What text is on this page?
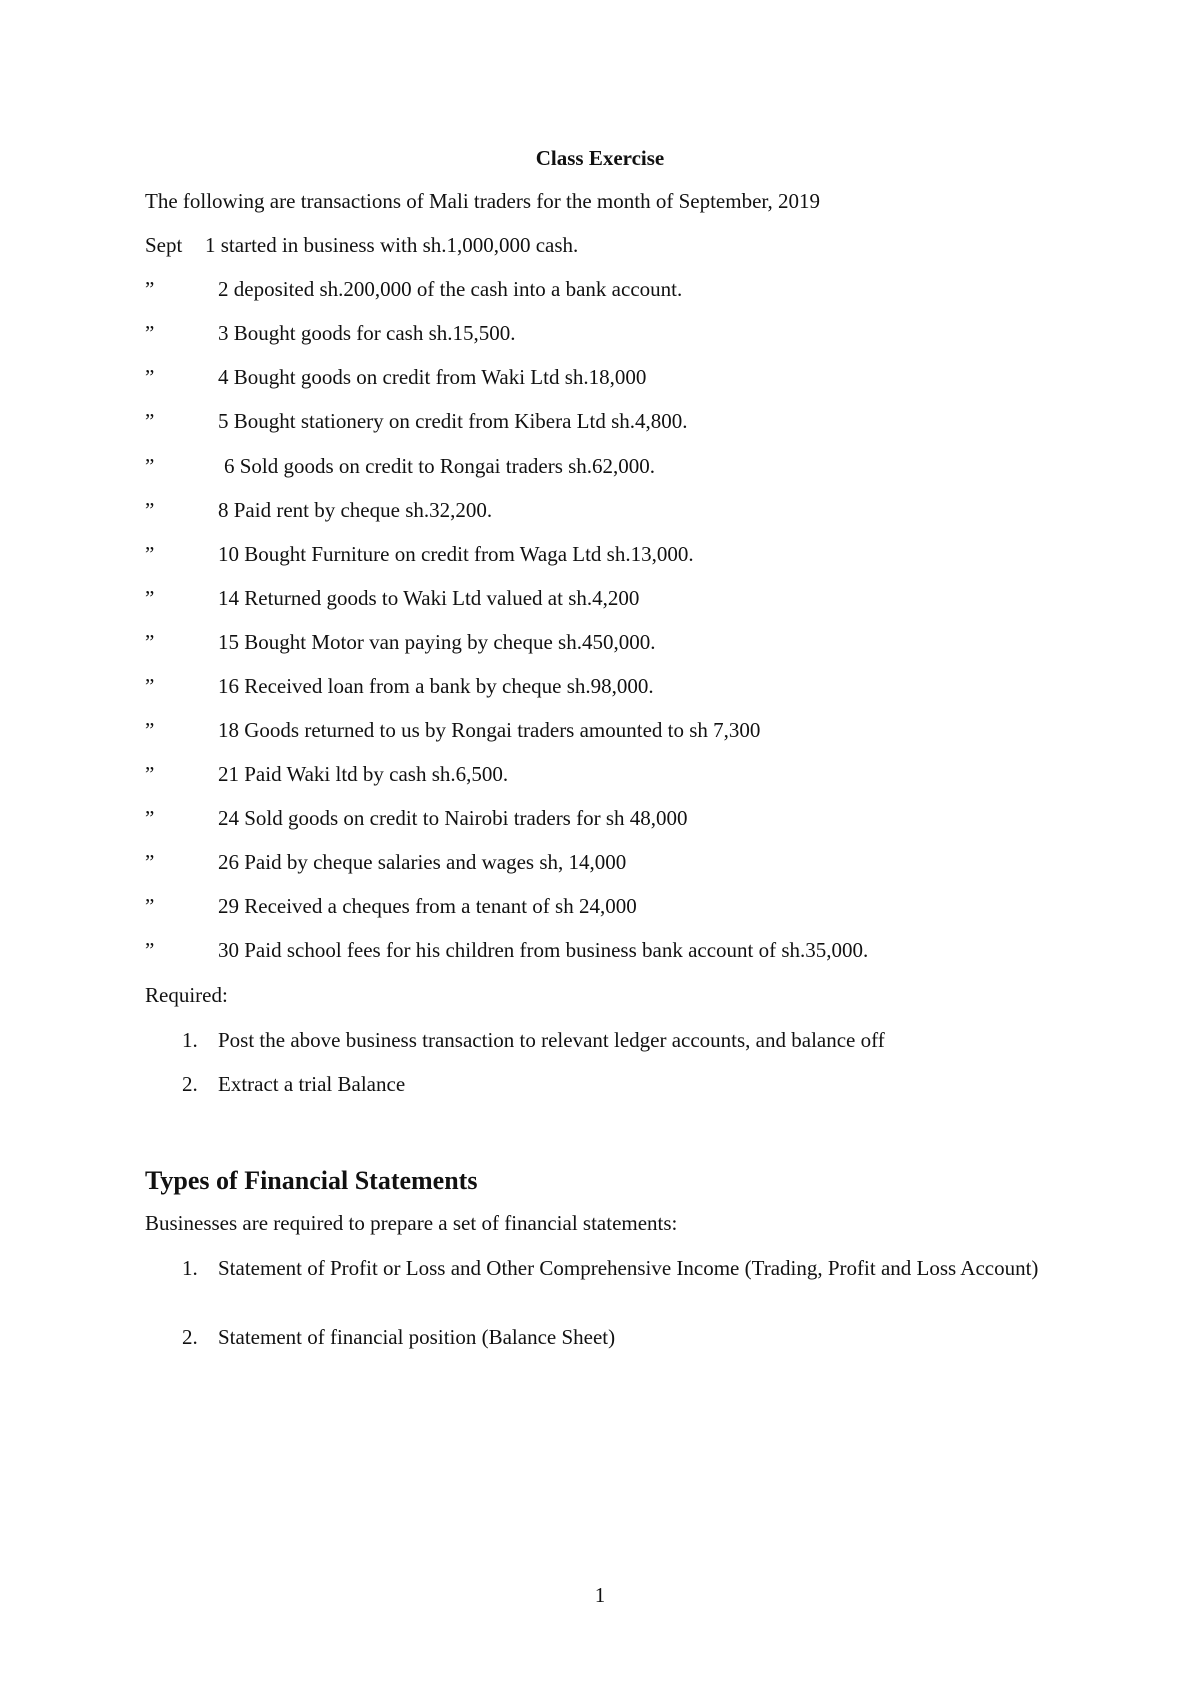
Class Exercise
The following are transactions of Mali traders for the month of September, 2019
Sept 1 started in business with sh.1,000,000 cash.
”	2 deposited sh.200,000 of the cash into a bank account.
”	3 Bought goods for cash sh.15,500.
”	4 Bought goods on credit from Waki Ltd sh.18,000
”	5 Bought stationery on credit from Kibera Ltd sh.4,800.
”	6 Sold goods on credit to Rongai traders sh.62,000.
”	8 Paid rent by cheque sh.32,200.
”	10 Bought Furniture on credit from Waga Ltd sh.13,000.
”	14 Returned goods to Waki Ltd valued at sh.4,200
”	15 Bought Motor van paying by cheque sh.450,000.
”	16 Received loan from a bank by cheque sh.98,000.
”	18 Goods returned to us by Rongai traders amounted to sh 7,300
”	21 Paid Waki ltd by cash sh.6,500.
”	24 Sold goods on credit to Nairobi traders for sh 48,000
”	26 Paid by cheque salaries and wages sh, 14,000
”	29 Received a cheques from a tenant of sh 24,000
”	30 Paid school fees for his children from business bank account of sh.35,000.
Required:
1. Post the above business transaction to relevant ledger accounts, and balance off
2. Extract a trial Balance
Types of Financial Statements
Businesses are required to prepare a set of financial statements:
1. Statement of Profit or Loss and Other Comprehensive Income (Trading, Profit and Loss Account)
2. Statement of financial position (Balance Sheet)
1
